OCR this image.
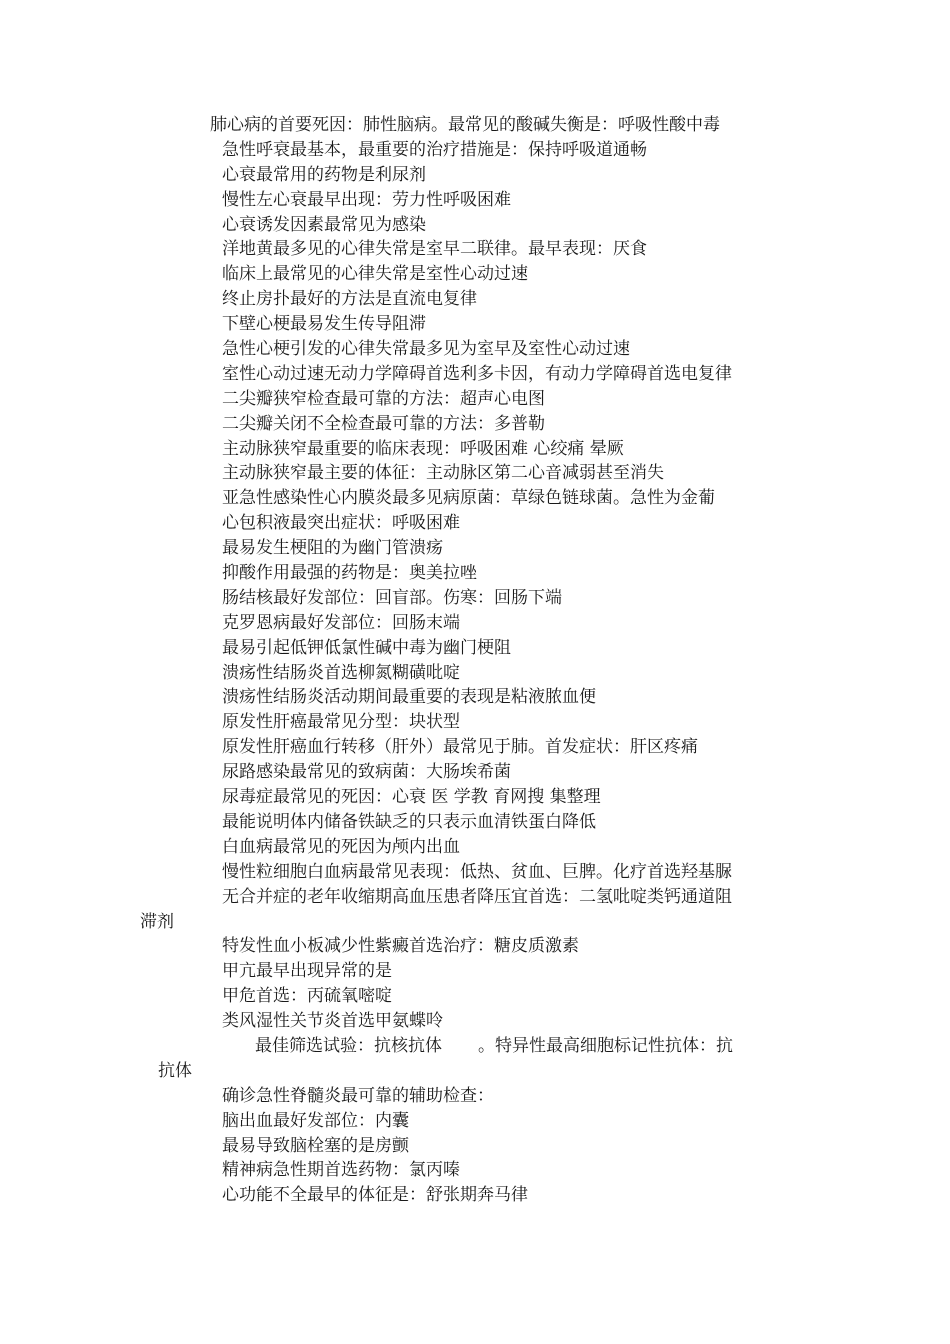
肺心病的首要死因：肺性脑病。最常见的酸碱失衡是：呼吸性酸中毒
急性呼衰最基本，最重要的治疗措施是：保持呼吸道通畅
心衰最常用的药物是利尿剂
慢性左心衰最早出现：劳力性呼吸困难
心衰诱发因素最常见为感染
洋地黄最多见的心律失常是室早二联律。最早表现：厌食
临床上最常见的心律失常是室性心动过速
终止房扑最好的方法是直流电复律
下壁心梗最易发生传导阻滞
急性心梗引发的心律失常最多见为室早及室性心动过速
室性心动过速无动力学障碍首选利多卡因，有动力学障碍首选电复律
二尖瓣狭窄检查最可靠的方法：超声心电图
二尖瓣关闭不全检查最可靠的方法：多普勒
主动脉狭窄最重要的临床表现：呼吸困难 心绞痛 晕厥
主动脉狭窄最主要的体征：主动脉区第二心音减弱甚至消失
亚急性感染性心内膜炎最多见病原菌：草绿色链球菌。急性为金葡
心包积液最突出症状：呼吸困难
最易发生梗阻的为幽门管溃疡
抑酸作用最强的药物是：奥美拉唑
肠结核最好发部位：回盲部。伤寒：回肠下端
克罗恩病最好发部位：回肠末端
最易引起低钾低氯性碱中毒为幽门梗阻
溃疡性结肠炎首选柳氮糊磺吡啶
溃疡性结肠炎活动期间最重要的表现是粘液脓血便
原发性肝癌最常见分型：块状型
原发性肝癌血行转移（肝外）最常见于肺。首发症状：肝区疼痛
尿路感染最常见的致病菌：大肠埃希菌
尿毒症最常见的死因：心衰 医 学教 育网搜 集整理
最能说明体内储备铁缺乏的只表示血清铁蛋白降低
白血病最常见的死因为颅内出血
慢性粒细胞白血病最常见表现：低热、贫血、巨脾。化疗首选羟基脲
无合并症的老年收缩期高血压患者降压宜首选：二氢吡啶类钙通道阻
滞剂
特发性血小板减少性紫癜首选治疗：糖皮质激素
甲亢最早出现异常的是
甲危首选：丙硫氧嘧啶
类风湿性关节炎首选甲氨蝶呤
最佳筛选试验：抗核抗体 。特异性最高细胞标记性抗体：抗
抗体
确诊急性脊髓炎最可靠的辅助检查：
脑出血最好发部位：内囊
最易导致脑栓塞的是房颤
精神病急性期首选药物：氯丙嗪
心功能不全最早的体征是：舒张期奔马律
